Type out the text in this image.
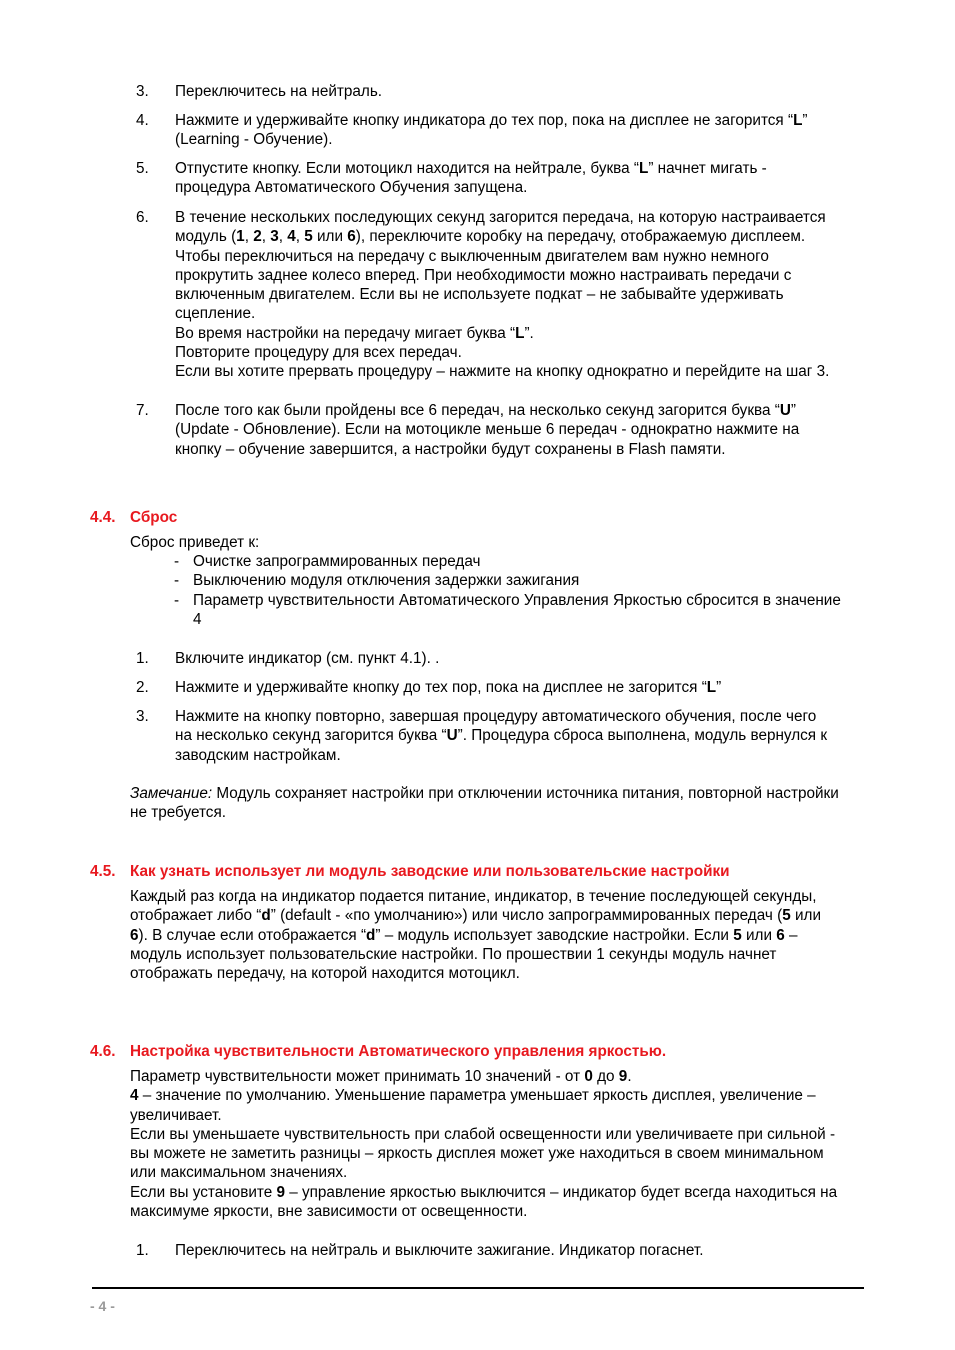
3. Переключитесь на нейтраль.
4. Нажмите и удерживайте кнопку индикатора до тех пор, пока на дисплее не загорится “L” (Learning - Обучение).
5. Отпустите кнопку. Если мотоцикл находится на нейтрале, буква “L” начнет мигать - процедура Автоматического Обучения запущена.
6. В течение нескольких последующих секунд загорится передача, на которую настраивается модуль (1, 2, 3, 4, 5 или 6), переключите коробку на передачу, отображаемую дисплеем. Чтобы переключиться на передачу с выключенным двигателем вам нужно немного прокрутить заднее колесо вперед. При необходимости можно настраивать передачи с включенным двигателем. Если вы не используете подкат – не забывайте удерживать сцепление.
Во время настройки на передачу мигает буква “L”.
Повторите процедуру для всех передач.
Если вы хотите прервать процедуру – нажмите на кнопку однократно и перейдите на шаг 3.
7. После того как были пройдены все 6 передач, на несколько секунд загорится буква “U” (Update - Обновление). Если на мотоцикле меньше 6 передач - однократно нажмите на кнопку – обучение завершится, а настройки будут сохранены в Flash памяти.
4.4. Сброс
Сброс приведет к:
- Очистке запрограммированных передач
- Выключению модуля отключения задержки зажигания
- Параметр чувствительности Автоматического Управления Яркостью сбросится в значение 4
1. Включите индикатор (см. пункт 4.1). .
2. Нажмите и удерживайте кнопку до тех пор, пока на дисплее не загорится “L”
3. Нажмите на кнопку повторно, завершая процедуру автоматического обучения, после чего на несколько секунд загорится буква “U”. Процедура сброса выполнена, модуль вернулся к заводским настройкам.
Замечание: Модуль сохраняет настройки при отключении источника питания, повторной настройки не требуется.
4.5. Как узнать использует ли модуль заводские или пользовательские настройки
Каждый раз когда на индикатор подается питание, индикатор, в течение последующей секунды, отображает либо “d” (default - «по умолчанию») или число запрограммированных передач (5 или 6). В случае если отображается “d” – модуль использует заводские настройки. Если 5 или 6 – модуль использует пользовательские настройки. По прошествии 1 секунды модуль начнет отображать передачу, на которой находится мотоцикл.
4.6. Настройка чувствительности Автоматического управления яркостью.
Параметр чувствительности может принимать 10 значений - от 0 до 9.
4 – значение по умолчанию. Уменьшение параметра уменьшает яркость дисплея, увеличение – увеличивает.
Если вы уменьшаете чувствительность при слабой освещенности или увеличиваете при сильной - вы можете не заметить разницы – яркость дисплея может уже находиться в своем минимальном или максимальном значениях.
Если вы установите 9 – управление яркостью выключится – индикатор будет всегда находиться на максимуме яркости, вне зависимости от освещенности.
1. Переключитесь на нейтраль и выключите зажигание. Индикатор погаснет.
- 4 -
